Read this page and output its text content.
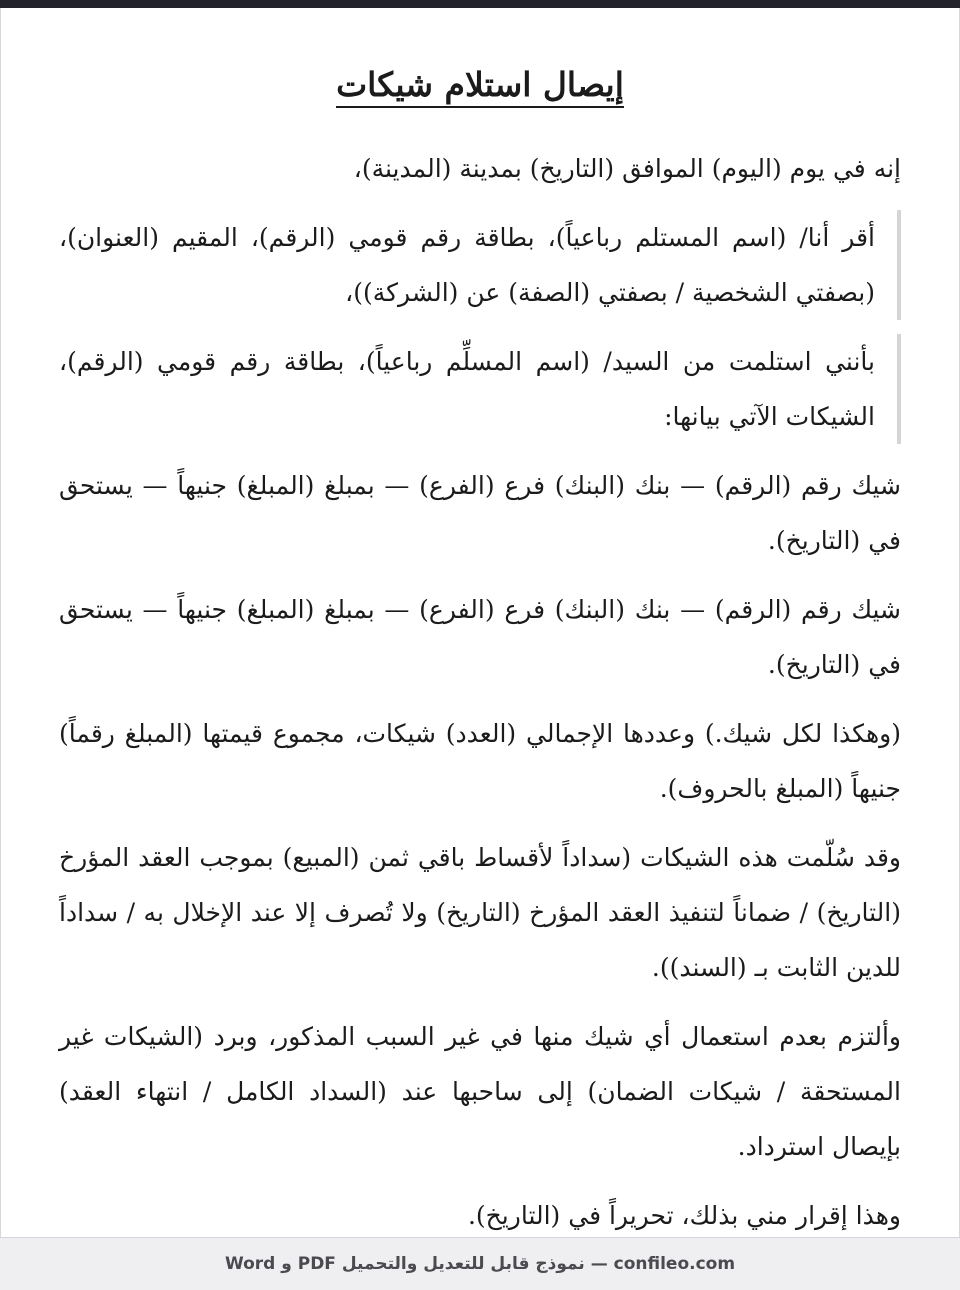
إيصال استلام شيكات

إنه في يوم (اليوم) الموافق (التاريخ) بمدينة (المدينة)،

أقر أنا/ (اسم المستلم رباعياً)، بطاقة رقم قومي (الرقم)، المقيم (العنوان)، (بصفتي الشخصية / بصفتي (الصفة) عن (الشركة))،

بأنني استلمت من السيد/ (اسم المسلِّم رباعياً)، بطاقة رقم قومي (الرقم)، الشيكات الآتي بيانها:

شيك رقم (الرقم) — بنك (البنك) فرع (الفرع) — بمبلغ (المبلغ) جنيهاً — يستحق في (التاريخ).

شيك رقم (الرقم) — بنك (البنك) فرع (الفرع) — بمبلغ (المبلغ) جنيهاً — يستحق في (التاريخ).

(وهكذا لكل شيك.) وعددها الإجمالي (العدد) شيكات، مجموع قيمتها (المبلغ رقماً) جنيهاً (المبلغ بالحروف).

وقد سُلّمت هذه الشيكات (سداداً لأقساط باقي ثمن (المبيع) بموجب العقد المؤرخ (التاريخ) / ضماناً لتنفيذ العقد المؤرخ (التاريخ) ولا تُصرف إلا عند الإخلال به / سداداً للدين الثابت بـ (السند)).

وألتزم بعدم استعمال أي شيك منها في غير السبب المذكور، وبرد (الشيكات غير المستحقة / شيكات الضمان) إلى ساحبها عند (السداد الكامل / انتهاء العقد) بإيصال استرداد.

وهذا إقرار مني بذلك، تحريراً في (التاريخ).

confileo.com — نموذج قابل للتعديل والتحميل PDF و Word
